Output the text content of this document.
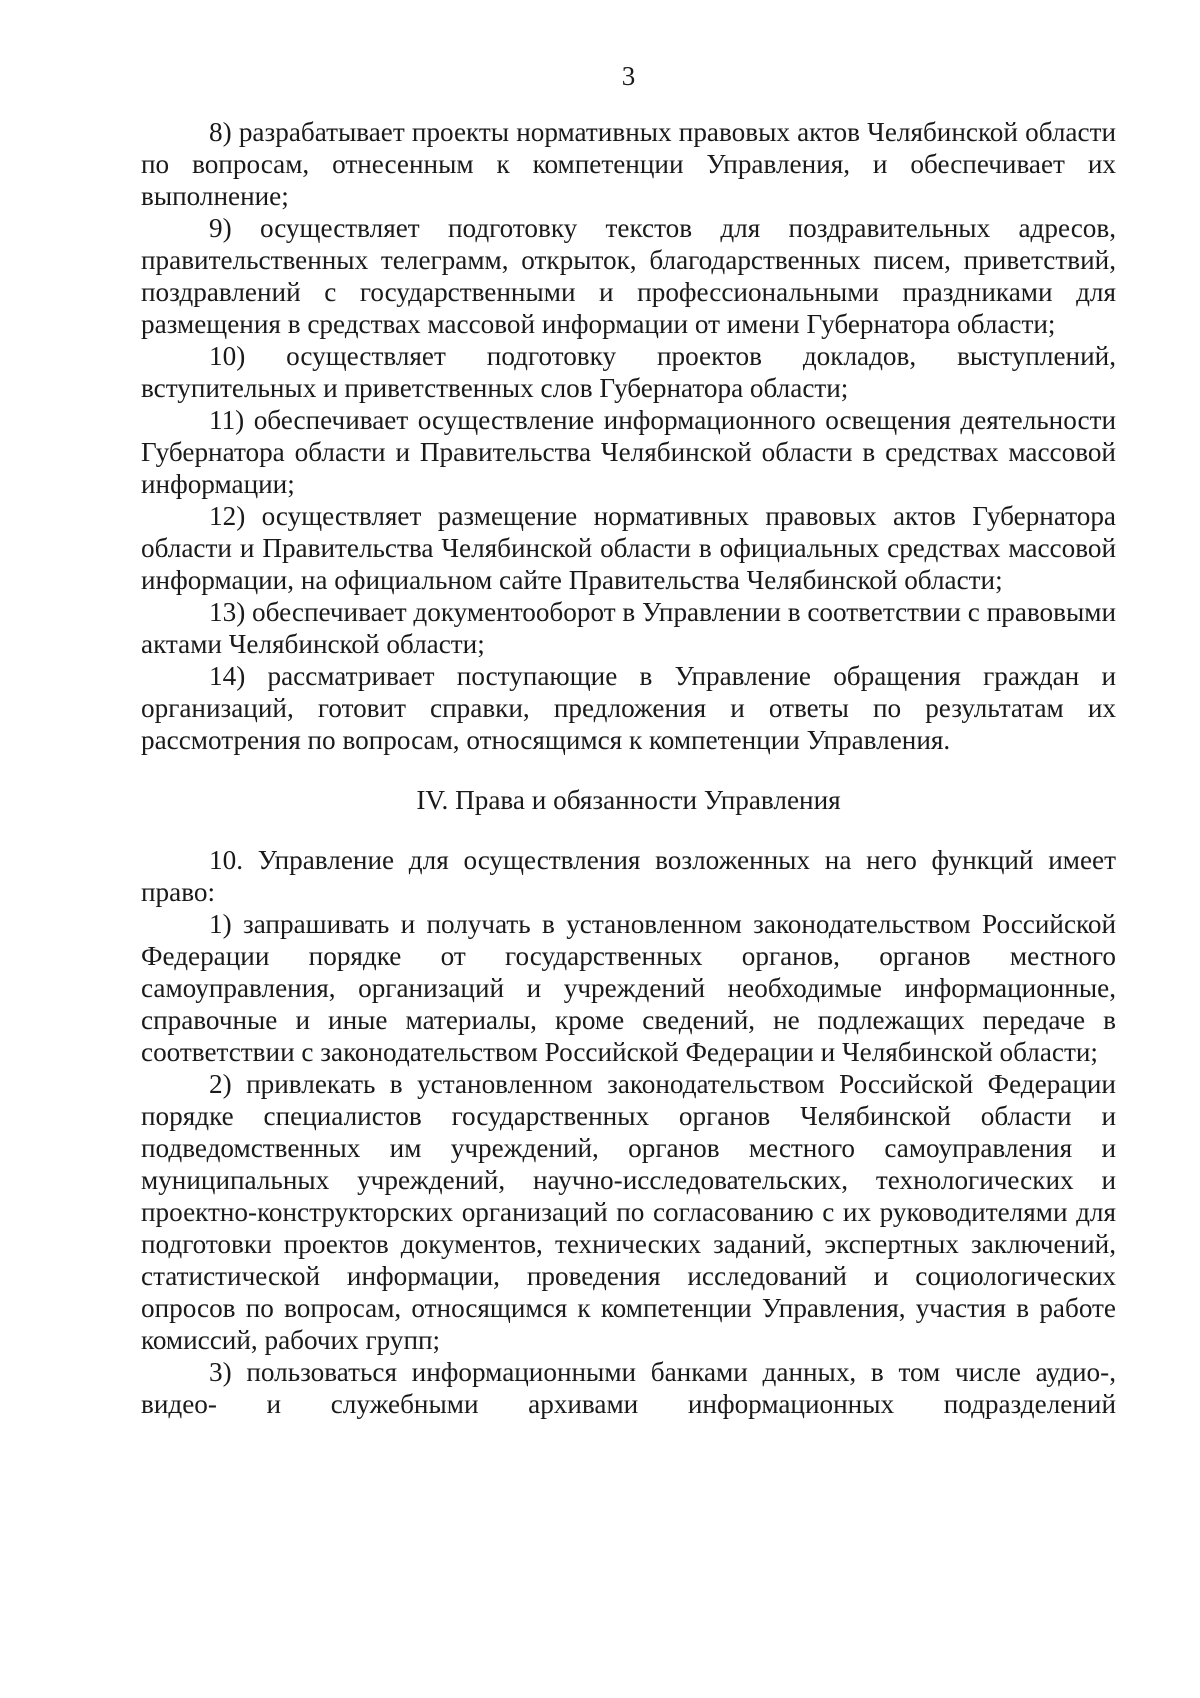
3

8) разрабатывает проекты нормативных правовых актов Челябинской области по вопросам, отнесенным к компетенции Управления, и обеспечивает их выполнение;

9) осуществляет подготовку текстов для поздравительных адресов, правительственных телеграмм, открыток, благодарственных писем, приветствий, поздравлений с государственными и профессиональными праздниками для размещения в средствах массовой информации от имени Губернатора области;

10) осуществляет подготовку проектов докладов, выступлений, вступительных и приветственных слов Губернатора области;

11) обеспечивает осуществление информационного освещения деятельности Губернатора области и Правительства Челябинской области в средствах массовой информации;

12) осуществляет размещение нормативных правовых актов Губернатора области и Правительства Челябинской области в официальных средствах массовой информации, на официальном сайте Правительства Челябинской области;

13) обеспечивает документооборот в Управлении в соответствии с правовыми актами Челябинской области;

14) рассматривает поступающие в Управление обращения граждан и организаций, готовит справки, предложения и ответы по результатам их рассмотрения по вопросам, относящимся к компетенции Управления.

IV. Права и обязанности Управления

10. Управление для осуществления возложенных на него функций имеет право:

1) запрашивать и получать в установленном законодательством Российской Федерации порядке от государственных органов, органов местного самоуправления, организаций и учреждений необходимые информационные, справочные и иные материалы, кроме сведений, не подлежащих передаче в соответствии с законодательством Российской Федерации и Челябинской области;

2) привлекать в установленном законодательством Российской Федерации порядке специалистов государственных органов Челябинской области и подведомственных им учреждений, органов местного самоуправления и муниципальных учреждений, научно-исследовательских, технологических и проектно-конструкторских организаций по согласованию с их руководителями для подготовки проектов документов, технических заданий, экспертных заключений, статистической информации, проведения исследований и социологических опросов по вопросам, относящимся к компетенции Управления, участия в работе комиссий, рабочих групп;

3) пользоваться информационными банками данных, в том числе аудио-, видео- и служебными архивами информационных подразделений
